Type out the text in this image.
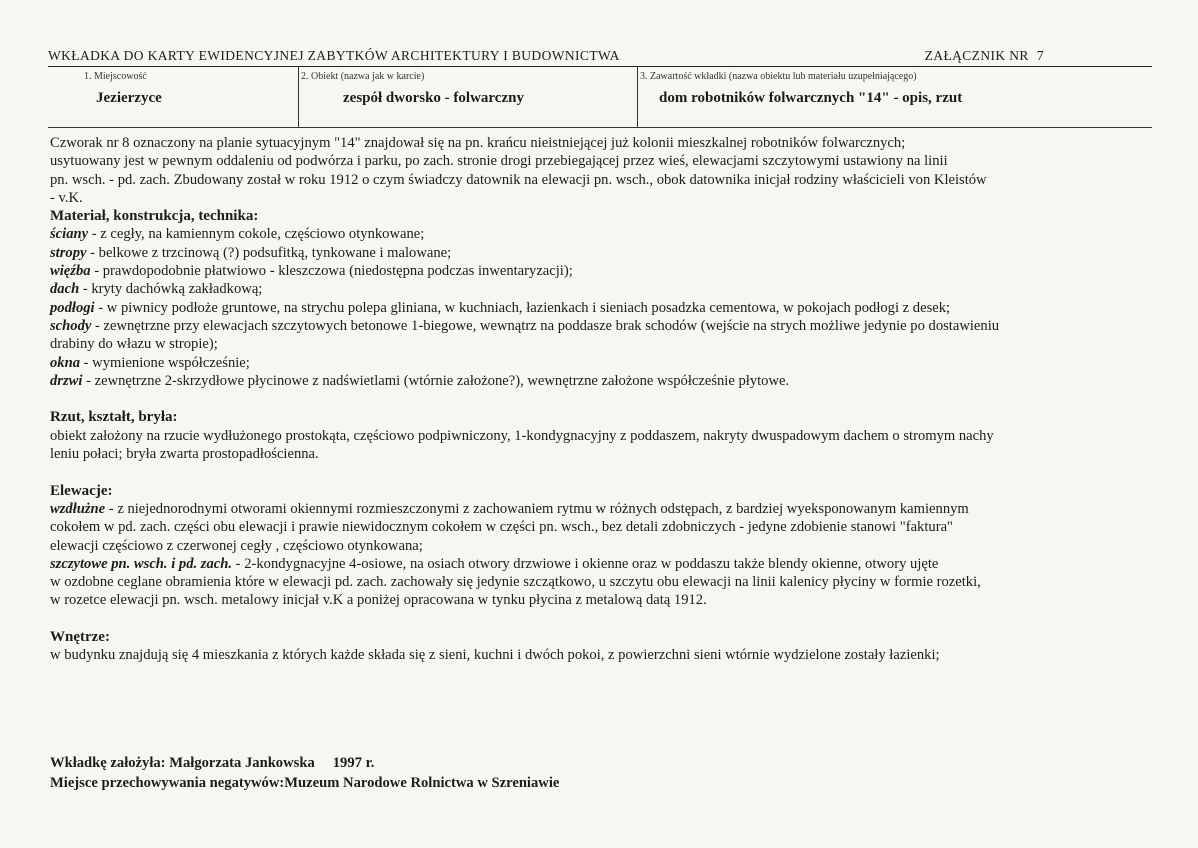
WKŁADKA DO KARTY EWIDENCYJNEJ ZABYTKÓW ARCHITEKTURY I BUDOWNICTWA	ZAŁĄCZNIK NR 7
1. Miejscowość
Jezierzyce
2. Obiekt (nazwa jak w karcie)
zespół dworsko - folwarczny
3. Zawartość wkładki (nazwa obiektu lub materiału uzupełniającego)
dom robotników folwarcznych "14" - opis, rzut

Czworak nr 8 oznaczony na planie sytuacyjnym "14" znajdował się na pn. krańcu nieistniejącej już kolonii mieszkalnej robotników folwarcznych;

usytuowany jest w pewnym oddaleniu od podwórza i parku, po zach. stronie drogi przebiegającej przez wieś, elewacjami szczytowymi ustawiony na linii

pn. wsch. - pd. zach. Zbudowany został w roku 1912 o czym świadczy datownik na elewacji pn. wsch., obok datownika inicjał rodziny właścicieli von Kleistów

- v.K.

Materiał, konstrukcja, technika:

ściany - z cegły, na kamiennym cokole, częściowo otynkowane;

stropy - belkowe z trzcinową (?) podsufitką, tynkowane i malowane;

więźba - prawdopodobnie płatwiowo - kleszczowa (niedostępna podczas inwentaryzacji);

dach - kryty dachówką zakładkową;

podłogi - w piwnicy podłoże gruntowe, na strychu polepa gliniana, w kuchniach, łazienkach i sieniach posadzka cementowa, w pokojach podłogi z desek;

schody - zewnętrzne przy elewacjach szczytowych betonowe 1-biegowe, wewnątrz na poddasze brak schodów (wejście na strych możliwe jedynie po dostawieniu

drabiny do włazu w stropie);

okna - wymienione współcześnie;

drzwi - zewnętrzne 2-skrzydłowe płycinowe z nadświetlami (wtórnie założone?), wewnętrzne założone współcześnie płytowe.

Rzut, kształt, bryła:

obiekt założony na rzucie wydłużonego prostokąta, częściowo podpiwniczony, 1-kondygnacyjny z poddaszem, nakryty dwuspadowym dachem o stromym nachy

leniu połaci; bryła zwarta prostopadłościenna.

Elewacje:

wzdłużne - z niejednorodnymi otworami okiennymi rozmieszczonymi z zachowaniem rytmu w różnych odstępach, z bardziej wyeksponowanym kamiennym

cokołem w pd. zach. części obu elewacji i prawie niewidocznym cokołem w części pn. wsch., bez detali zdobniczych - jedyne zdobienie stanowi "faktura"

elewacji częściowo z czerwonej cegły , częściowo otynkowana;

szczytowe pn. wsch. i pd. zach. - 2-kondygnacyjne 4-osiowe, na osiach otwory drzwiowe i okienne oraz w poddaszu także blendy okienne, otwory ujęte

w ozdobne ceglane obramienia które w elewacji pd. zach. zachowały się jedynie szczątkowo, u szczytu obu elewacji na linii kalenicy płyciny w formie rozetki,

w rozetce elewacji pn. wsch. metalowy inicjał v.K a poniżej opracowana w tynku płycina z metalową datą 1912.

Wnętrze:

w budynku znajdują się 4 mieszkania z których każde składa się z sieni, kuchni i dwóch pokoi, z powierzchni sieni wtórnie wydzielone zostały łazienki;

Wkładkę założyła: Małgorzata Jankowska 1997 r.

Miejsce przechowywania negatywów:Muzeum Narodowe Rolnictwa w Szreniawie
